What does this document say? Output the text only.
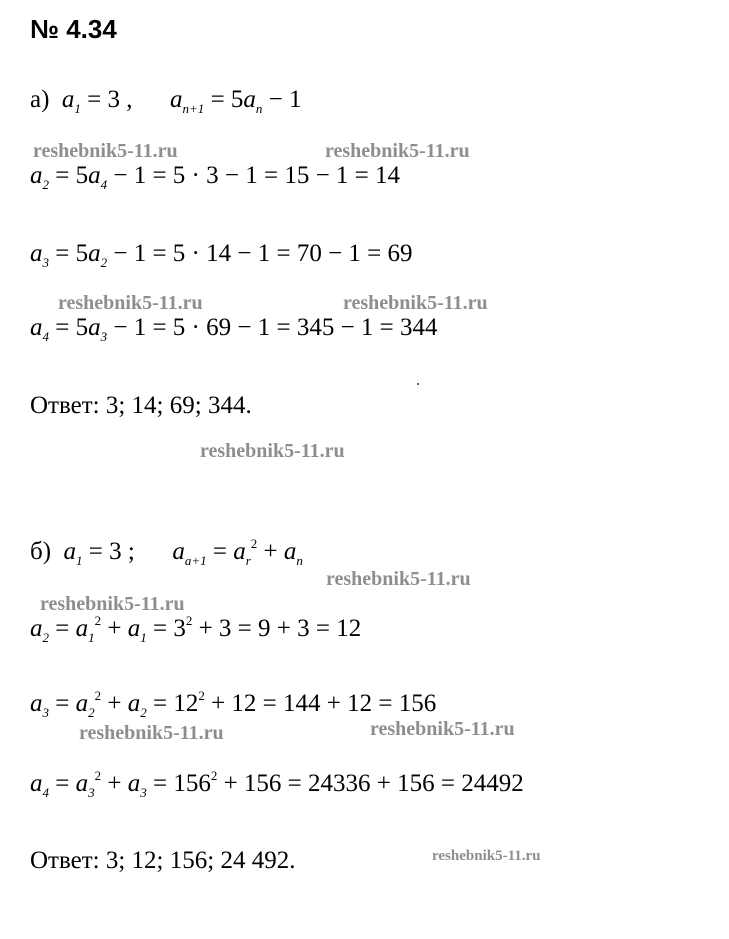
№ 4.34
а) $a_1 = 3$ , $a_{n+1} = 5a_n - 1$
$a_2 = 5a_4 - 1 = 5 \cdot 3 - 1 = 15 - 1 = 14$
$a_3 = 5a_2 - 1 = 5 \cdot 14 - 1 = 70 - 1 = 69$
$a_4 = 5a_3 - 1 = 5 \cdot 69 - 1 = 345 - 1 = 344$
Ответ: 3; 14; 69; 344.
б) $a_1 = 3$ ; $a_{a+1} = a_r^2 + a_n$
$a_2 = a_1^2 + a_1 = 3^2 + 3 = 9 + 3 = 12$
$a_3 = a_2^2 + a_2 = 12^2 + 12 = 144 + 12 = 156$
$a_4 = a_3^2 + a_3 = 156^2 + 156 = 24336 + 156 = 24492$
Ответ: 3; 12; 156; 24 492.
reshebnik5-11.ru	reshebnik5-11.ru
reshebnik5-11.ru	reshebnik5-11.ru
reshebnik5-11.ru
reshebnik5-11.ru
reshebnik5-11.ru
reshebnik5-11.ru	reshebnik5-11.ru
reshebnik5-11.ru
